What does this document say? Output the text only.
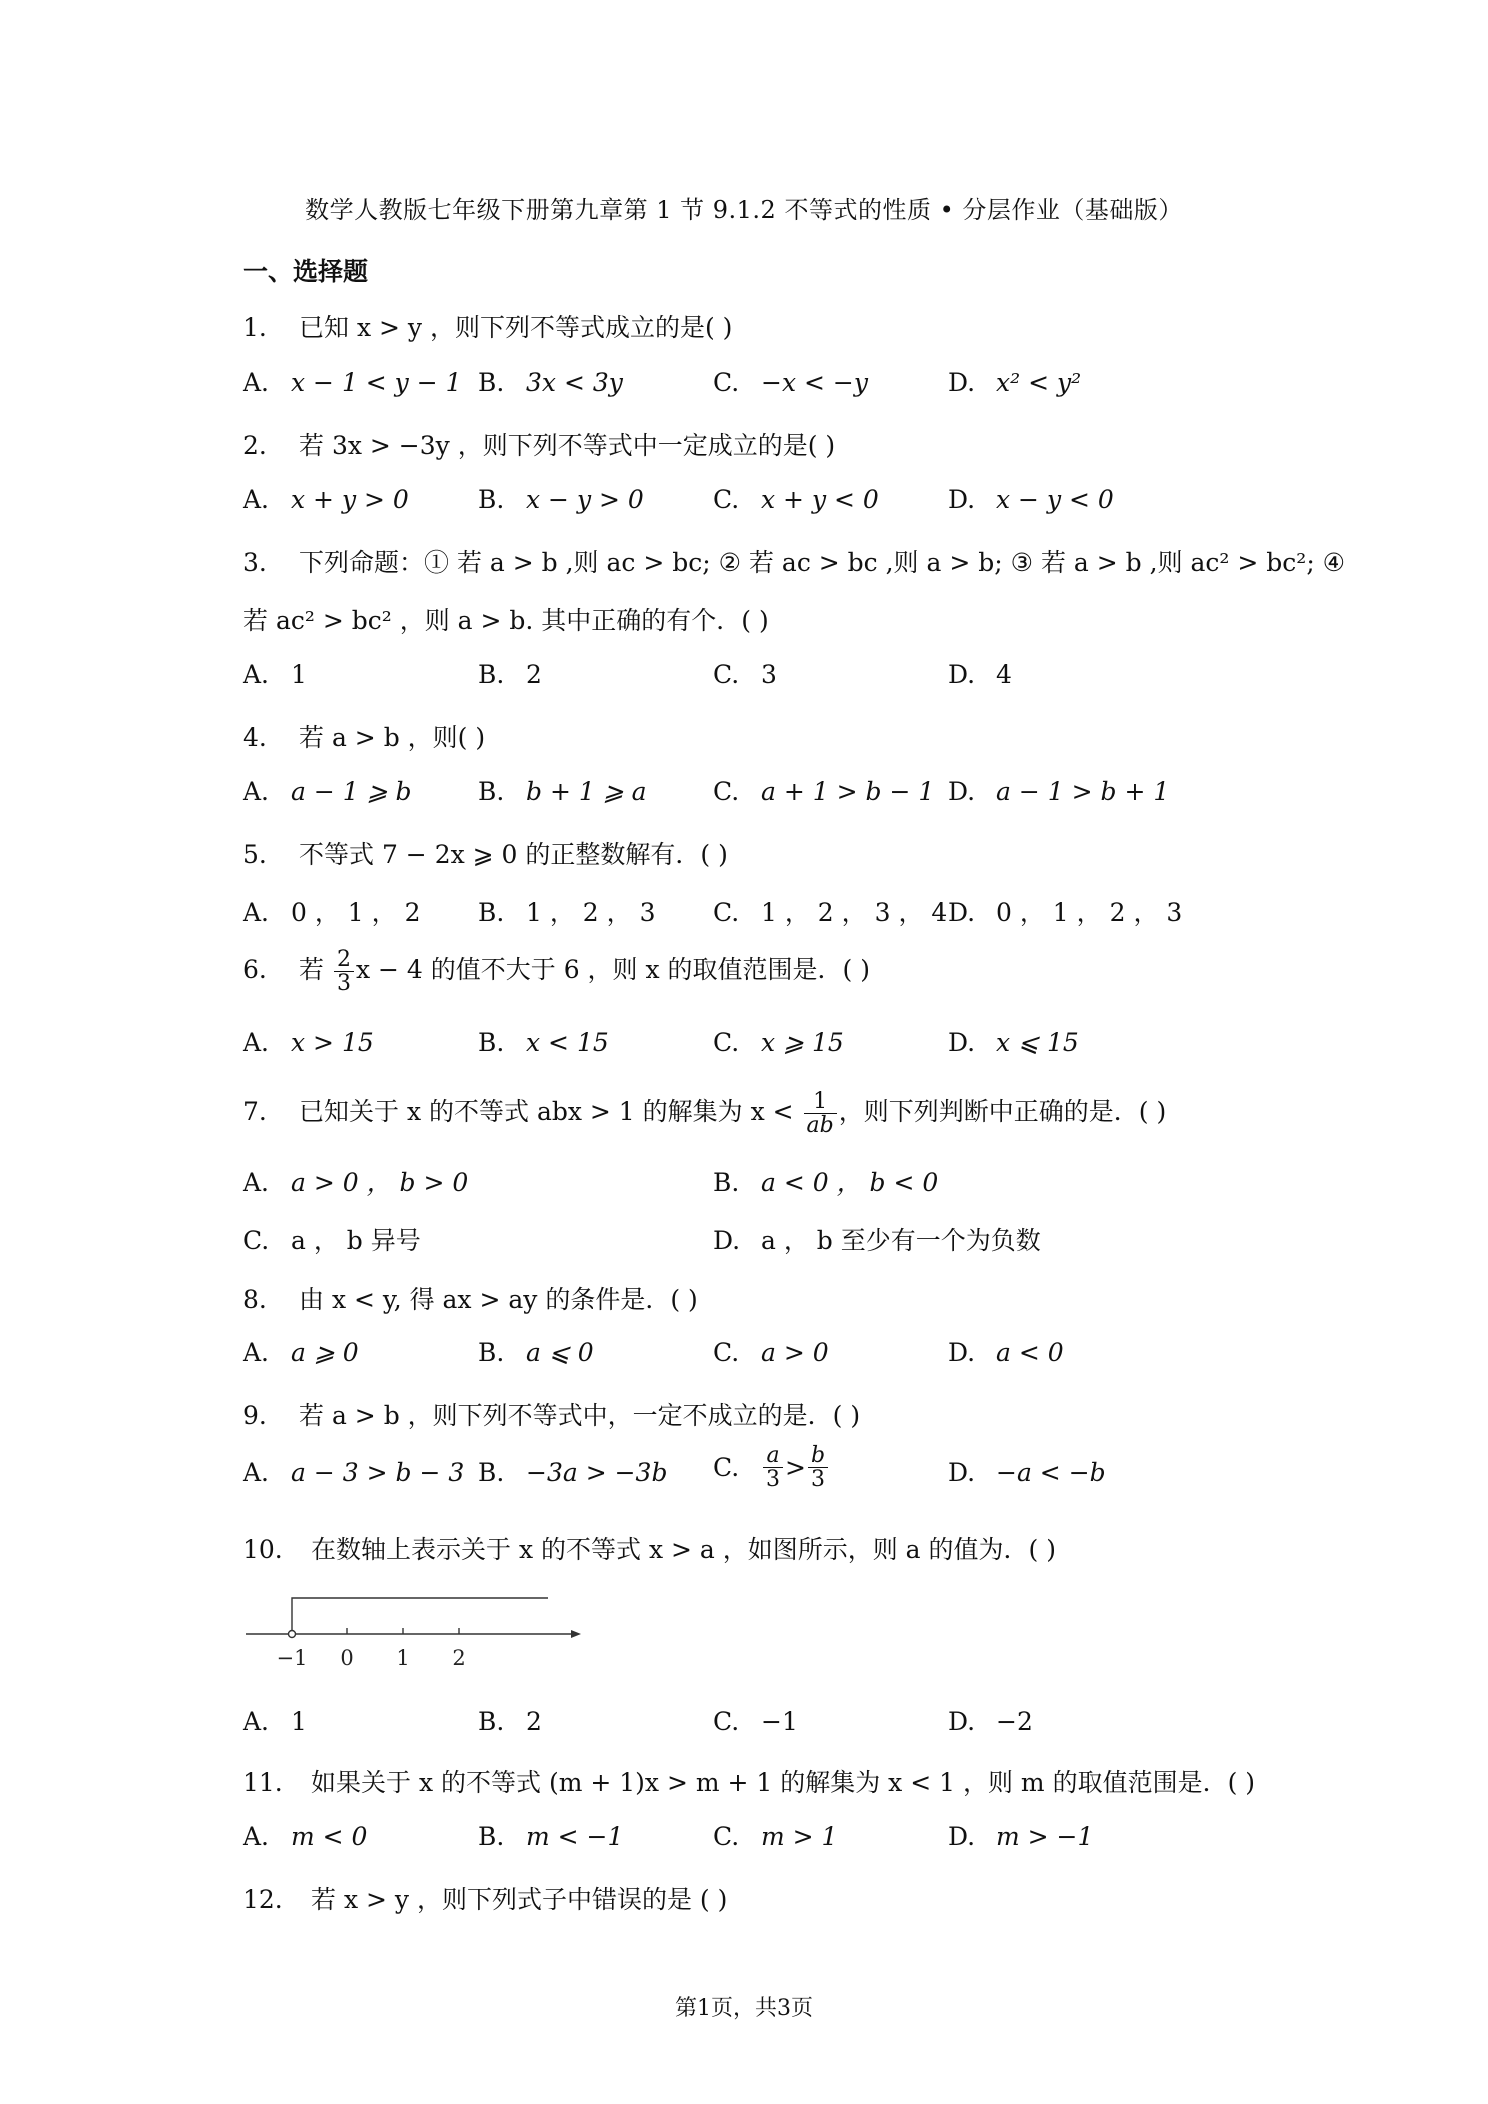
数学人教版七年级下册第九章第 1 节 9.1.2 不等式的性质 • 分层作业（基础版）
一、选择题
1. 已知 x > y ，则下列不等式成立的是( )
A. x − 1 < y − 1 B. 3x < 3y	C. −x < −y	D. x² < y²
2. 若 3x > −3y ，则下列不等式中一定成立的是( )
A. x + y > 0	B. x − y > 0	C. x + y < 0	D. x − y < 0
3. 下列命题：① 若 a > b ,则 ac > bc; ② 若 ac > bc ,则 a > b; ③ 若 a > b ,则 ac² > bc²; ④
若 ac² > bc² ，则 a > b. 其中正确的有个．( )
A. 1	B. 2	C. 3	D. 4
4. 若 a > b ，则( )
A. a − 1 ⩾ b	B. b + 1 ⩾ a	C. a + 1 > b − 1 D. a − 1 > b + 1
5. 不等式 7 − 2x ⩾ 0 的正整数解有．( )
A. 0 ， 1 ， 2 B. 1 ， 2 ， 3 C. 1 ， 2 ， 3 ， 4 D. 0 ， 1 ， 2 ， 3
6. 若 $\frac{2}{3}$ x − 4 的值不大于 6 ，则 x 的取值范围是．( )
A. x > 15	B. x < 15	C. x ⩾ 15	D. x ⩽ 15
7. 已知关于 x 的不等式 abx > 1 的解集为 $x < \frac{1}{ab}$ ，则下列判断中正确的是．( )
A. a > 0 ， b > 0	B. a < 0 ， b < 0
C. a ， b 异号	D. a ， b 至少有一个为负数
8. 由 x < y, 得 ax > ay 的条件是．( )
A. a ⩾ 0	B. a ⩽ 0	C. a > 0	D. a < 0
9. 若 a > b ，则下列不等式中，一定不成立的是．( )
A. a − 3 > b − 3 B. −3a > −3b C. $\frac{a}{3} > \frac{b}{3}$	D. −a < −b
10. 在数轴上表示关于 x 的不等式 x > a ，如图所示，则 a 的值为．( )
−1 0 1 2
A. 1	B. 2	C. −1	D. −2
11. 如果关于 x 的不等式 (m + 1)x > m + 1 的解集为 x < 1 ，则 m 的取值范围是．( )
A. m < 0	B. m < −1	C. m > 1	D. m > −1
12. 若 x > y ，则下列式子中错误的是 ( )
第1页，共3页
